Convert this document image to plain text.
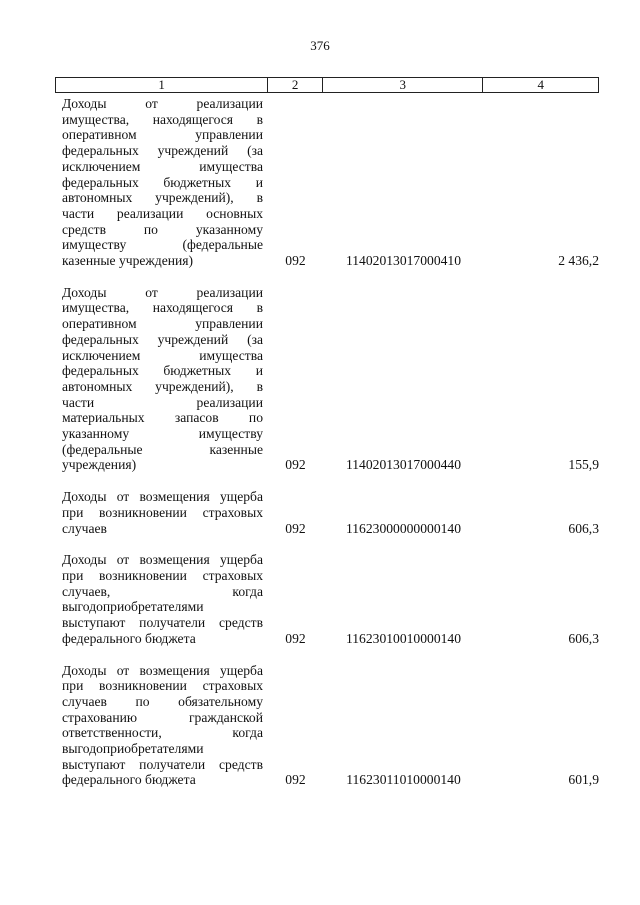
376
1	2	3	4
Доходы от реализации
имущества, находящегося в
оперативном управлении
федеральных учреждений (за
исключением имущества
федеральных бюджетных и
автономных учреждений), в
части реализации основных
средств по указанному
имуществу (федеральные
казенные учреждения)	092	11402013017000410	2 436,2
Доходы от реализации
имущества, находящегося в
оперативном управлении
федеральных учреждений (за
исключением имущества
федеральных бюджетных и
автономных учреждений), в
части реализации
материальных запасов по
указанному имуществу
(федеральные казенные
учреждения)	092	11402013017000440	155,9
Доходы от возмещения ущерба
при возникновении страховых
случаев	092	11623000000000140	606,3
Доходы от возмещения ущерба
при возникновении страховых
случаев, когда
выгодоприобретателями
выступают получатели средств
федерального бюджета	092	11623010010000140	606,3
Доходы от возмещения ущерба
при возникновении страховых
случаев по обязательному
страхованию гражданской
ответственности, когда
выгодоприобретателями
выступают получатели средств
федерального бюджета	092	11623011010000140	601,9
